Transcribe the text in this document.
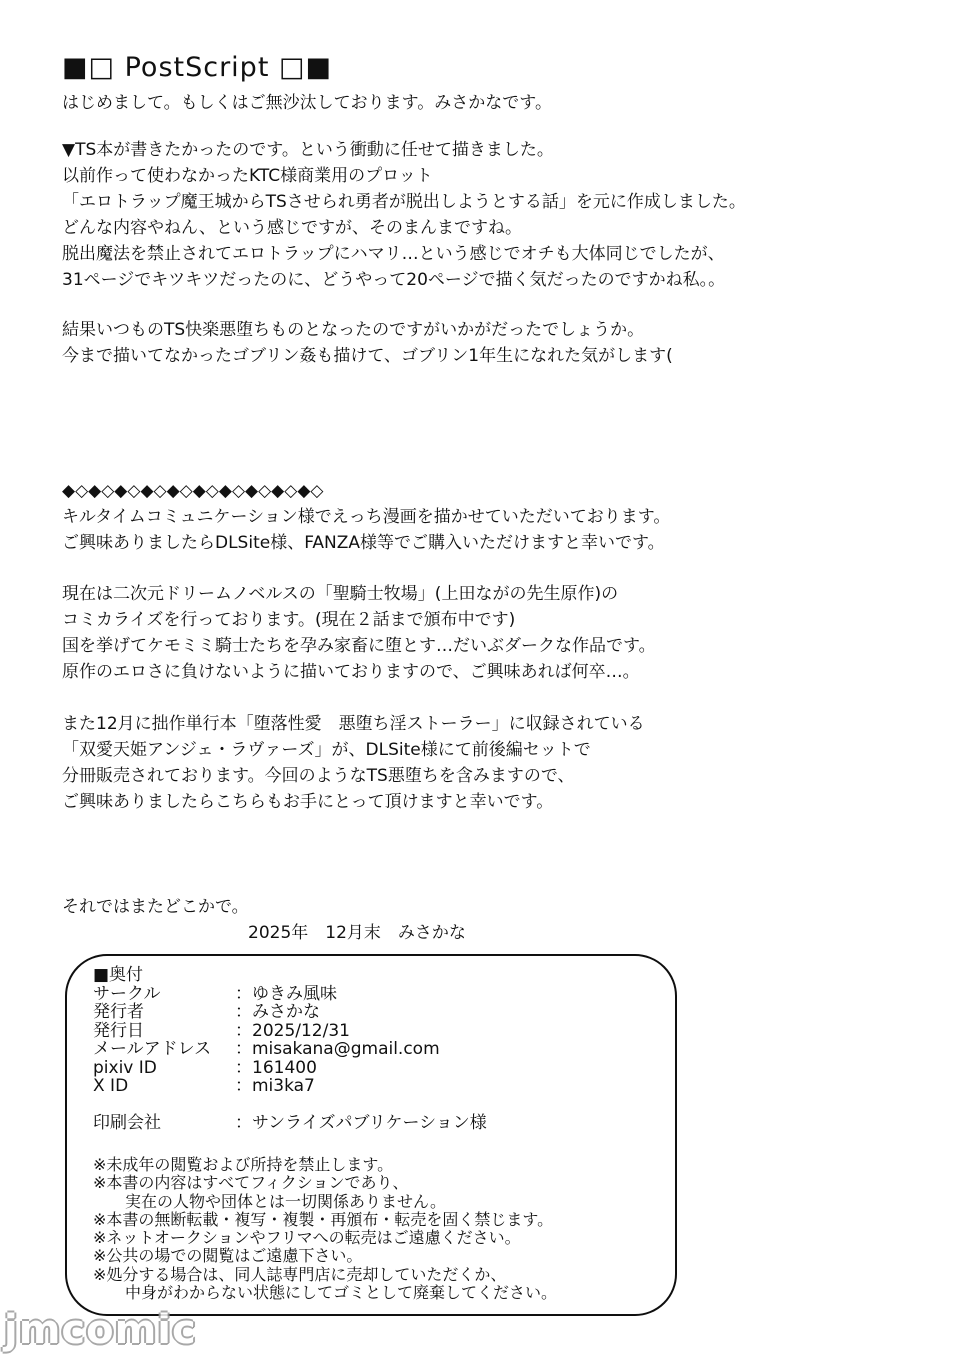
■□ PostScript □■
はじめまして。もしくはご無沙汰しております。みさかなです。
▼TS本が書きたかったのです。という衝動に任せて描きました。
以前作って使わなかったKTC様商業用のプロット
「エロトラップ魔王城からTSさせられ勇者が脱出しようとする話」を元に作成しました。
どんな内容やねん、という感じですが、そのまんまですね。
脱出魔法を禁止されてエロトラップにハマリ…という感じでオチも大体同じでしたが、
31ページでキツキツだったのに、どうやって20ページで描く気だったのですかね私。。
結果いつものTS快楽悪堕ちものとなったのですがいかがだったでしょうか。
今まで描いてなかったゴブリン姦も描けて、ゴブリン1年生になれた気がします(
◆◇◆◇◆◇◆◇◆◇◆◇◆◇◆◇◆◇◆◇
キルタイムコミュニケーション様でえっち漫画を描かせていただいております。
ご興味ありましたらDLSite様、FANZA様等でご購入いただけますと幸いです。
現在は二次元ドリームノベルスの「聖騎士牧場」(上田ながの先生原作)の
コミカライズを行っております。(現在２話まで頒布中です)
国を挙げてケモミミ騎士たちを孕み家畜に堕とす…だいぶダークな作品です。
原作のエロさに負けないように描いておりますので、ご興味あれば何卒…。
また12月に拙作単行本「堕落性愛　悪堕ち淫ストーラー」に収録されている
「双愛天姫アンジェ・ラヴァーズ」が、DLSite様にて前後編セットで
分冊販売されております。今回のようなTS悪堕ちを含みますので、
ご興味ありましたらこちらもお手にとって頂けますと幸いです。
それではまたどこかで。
2025年　12月末　みさかな
■奥付
サークル	：ゆきみ風味
発行者	：みさかな
発行日	：2025/12/31
メールアドレス ：misakana@gmail.com
pixiv ID	：161400
X ID	：mi3ka7
印刷会社	：サンライズパブリケーション様
※未成年の閲覧および所持を禁止します。
※本書の内容はすべてフィクションであり、
実在の人物や団体とは一切関係ありません。
※本書の無断転載・複写・複製・再頒布・転売を固く禁じます。
※ネットオークションやフリマへの転売はご遠慮ください。
※公共の場での閲覧はご遠慮下さい。
※処分する場合は、同人誌専門店に売却していただくか、
中身がわからない状態にしてゴミとして廃棄してください。
jmcomic
